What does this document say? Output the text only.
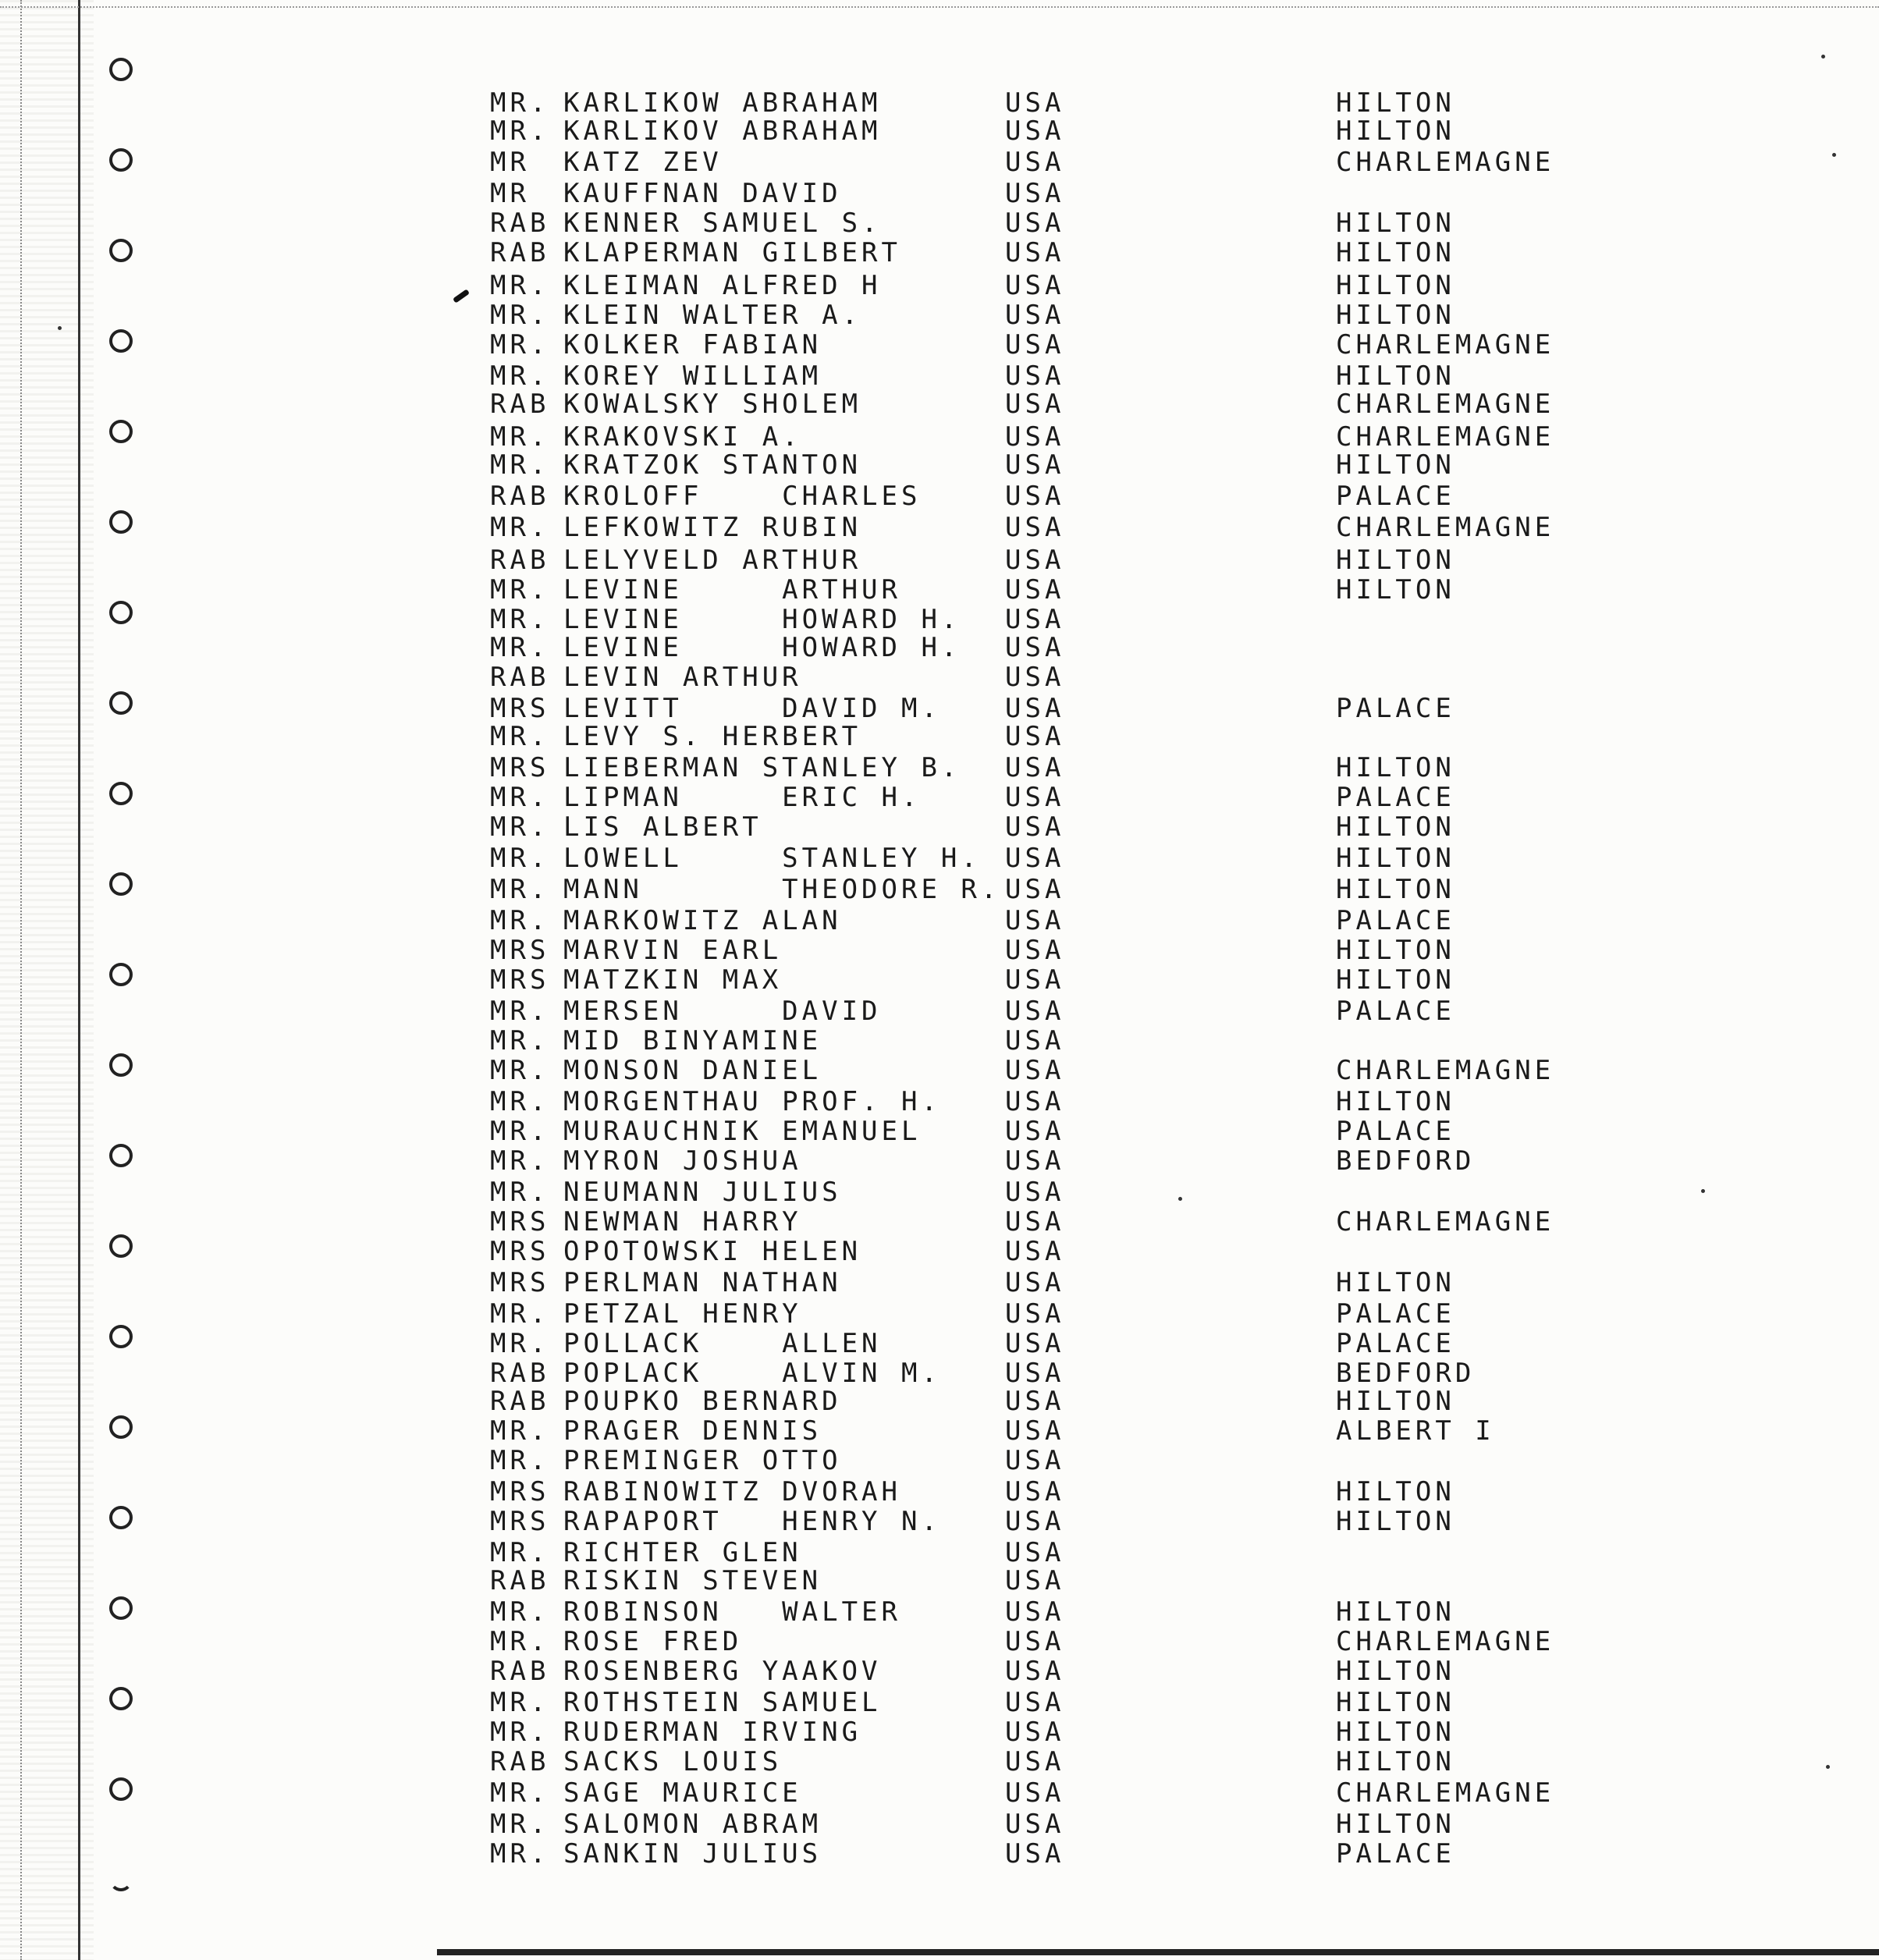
MR. KARLIKOW ABRAHAM	USA	HILTON
MR. KARLIKOV ABRAHAM	USA	HILTON
MR KATZ ZEV	USA	CHARLEMAGNE
MR KAUFFNAN DAVID	USA
RAB KENNER SAMUEL S.	USA	HILTON
RAB KLAPERMAN GILBERT	USA	HILTON
MR. KLEIMAN ALFRED H	USA	HILTON
MR. KLEIN WALTER A.	USA	HILTON
MR. KOLKER FABIAN	USA	CHARLEMAGNE
MR. KOREY WILLIAM	USA	HILTON
RAB KOWALSKY SHOLEM	USA	CHARLEMAGNE
MR. KRAKOVSKI A.	USA	CHARLEMAGNE
MR. KRATZOK STANTON	USA	HILTON
RAB KROLOFF    CHARLES	USA	PALACE
MR. LEFKOWITZ RUBIN	USA	CHARLEMAGNE
RAB LELYVELD ARTHUR	USA	HILTON
MR. LEVINE     ARTHUR	USA	HILTON
MR. LEVINE     HOWARD H. USA
MR. LEVINE     HOWARD H. USA
RAB LEVIN ARTHUR	USA
MRS LEVITT     DAVID M. USA	PALACE
MR. LEVY S. HERBERT	USA
MRS LIEBERMAN STANLEY B. USA	HILTON
MR. LIPMAN     ERIC H.	USA	PALACE
MR. LIS ALBERT	USA	HILTON
MR. LOWELL     STANLEY H. USA	HILTON
MR. MANN       THEODORE R. USA	HILTON
MR. MARKOWITZ ALAN	USA	PALACE
MRS MARVIN EARL	USA	HILTON
MRS MATZKIN MAX	USA	HILTON
MR. MERSEN     DAVID	USA	PALACE
MR. MID BINYAMINE	USA
MR. MONSON DANIEL	USA	CHARLEMAGNE
MR. MORGENTHAU PROF. H. USA	HILTON
MR. MURAUCHNIK EMANUEL	USA	PALACE
MR. MYRON JOSHUA	USA	BEDFORD
MR. NEUMANN JULIUS	USA
MRS NEWMAN HARRY	USA	CHARLEMAGNE
MRS OPOTOWSKI HELEN	USA
MRS PERLMAN NATHAN	USA	HILTON
MR. PETZAL HENRY	USA	PALACE
MR. POLLACK    ALLEN	USA	PALACE
RAB POPLACK    ALVIN M. USA	BEDFORD
RAB POUPKO BERNARD	USA	HILTON
MR. PRAGER DENNIS	USA	ALBERT I
MR. PREMINGER OTTO	USA
MRS RABINOWITZ DVORAH	USA	HILTON
MRS RAPAPORT   HENRY N. USA	HILTON
MR. RICHTER GLEN	USA
RAB RISKIN STEVEN	USA
MR. ROBINSON   WALTER	USA	HILTON
MR. ROSE FRED	USA	CHARLEMAGNE
RAB ROSENBERG YAAKOV	USA	HILTON
MR. ROTHSTEIN SAMUEL	USA	HILTON
MR. RUDERMAN IRVING	USA	HILTON
RAB SACKS LOUIS	USA	HILTON
MR. SAGE MAURICE	USA	CHARLEMAGNE
MR. SALOMON ABRAM	USA	HILTON
MR. SANKIN JULIUS	USA	PALACE
